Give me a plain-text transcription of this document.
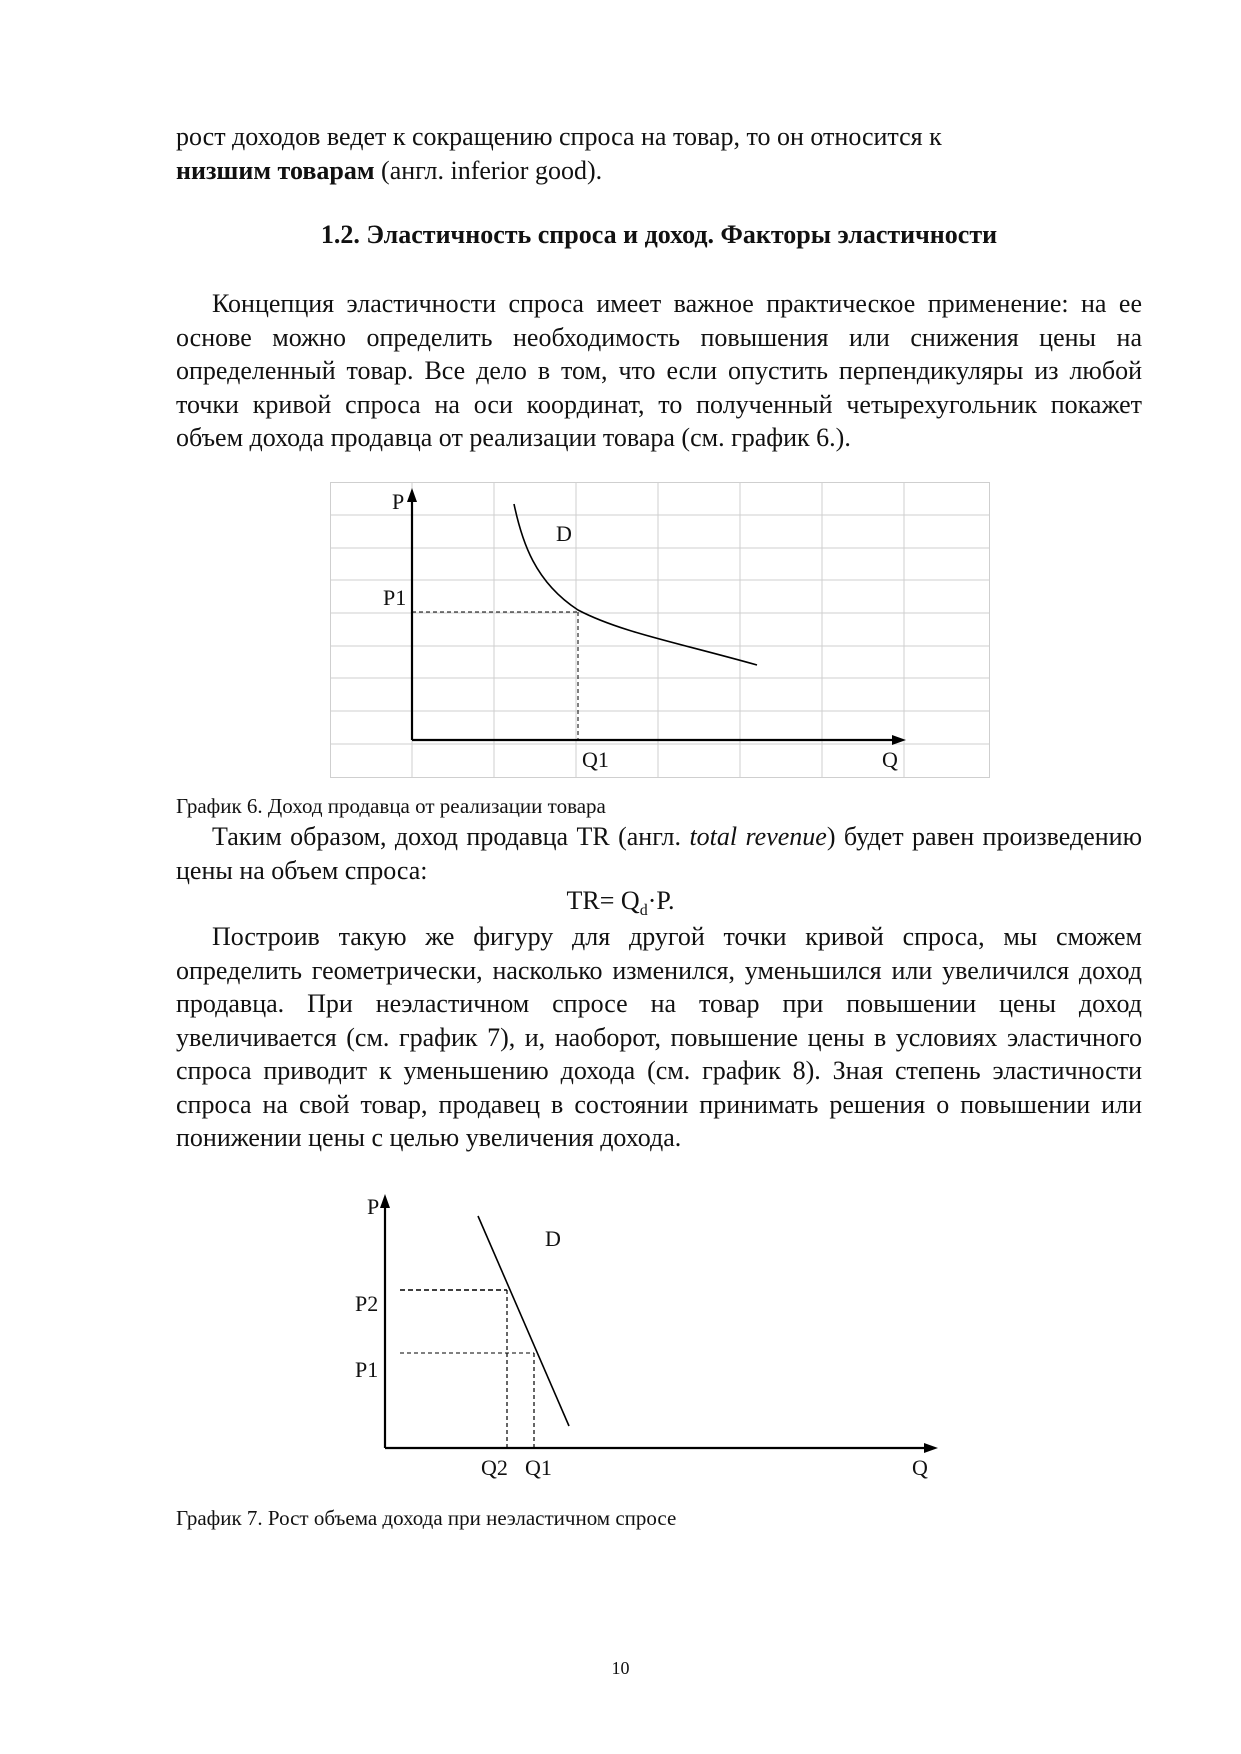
рост доходов ведет к сокращению спроса на товар, то он относится к
низшим товарам (англ. inferior good).
1.2. Эластичность спроса и доход. Факторы эластичности
Концепция эластичности спроса имеет важное практическое применение: на ее основе можно определить необходимость повышения или снижения цены на определенный товар. Все дело в том, что если опустить перпендикуляры из любой точки кривой спроса на оси координат, то полученный четырехугольник покажет объем дохода продавца от реализации товара (см. график 6.).
P
D
P1
Q1	Q
График 6. Доход продавца от реализации товара
Таким образом, доход продавца TR (англ. total revenue) будет равен произведению цены на объем спроса:
$TR= Q_d\cdot P$.
Построив такую же фигуру для другой точки кривой спроса, мы сможем определить геометрически, насколько изменился, уменьшился или увеличился доход продавца. При неэластичном спросе на товар при повышении цены доход увеличивается (см. график 7), и, наоборот, повышение цены в условиях эластичного спроса приводит к уменьшению дохода (см. график 8). Зная степень эластичности спроса на свой товар, продавец в состоянии принимать решения о повышении или понижении цены с целью увеличения дохода.
P
D
P2
P1
Q2 Q1	Q
График 7. Рост объема дохода при неэластичном спросе
10
